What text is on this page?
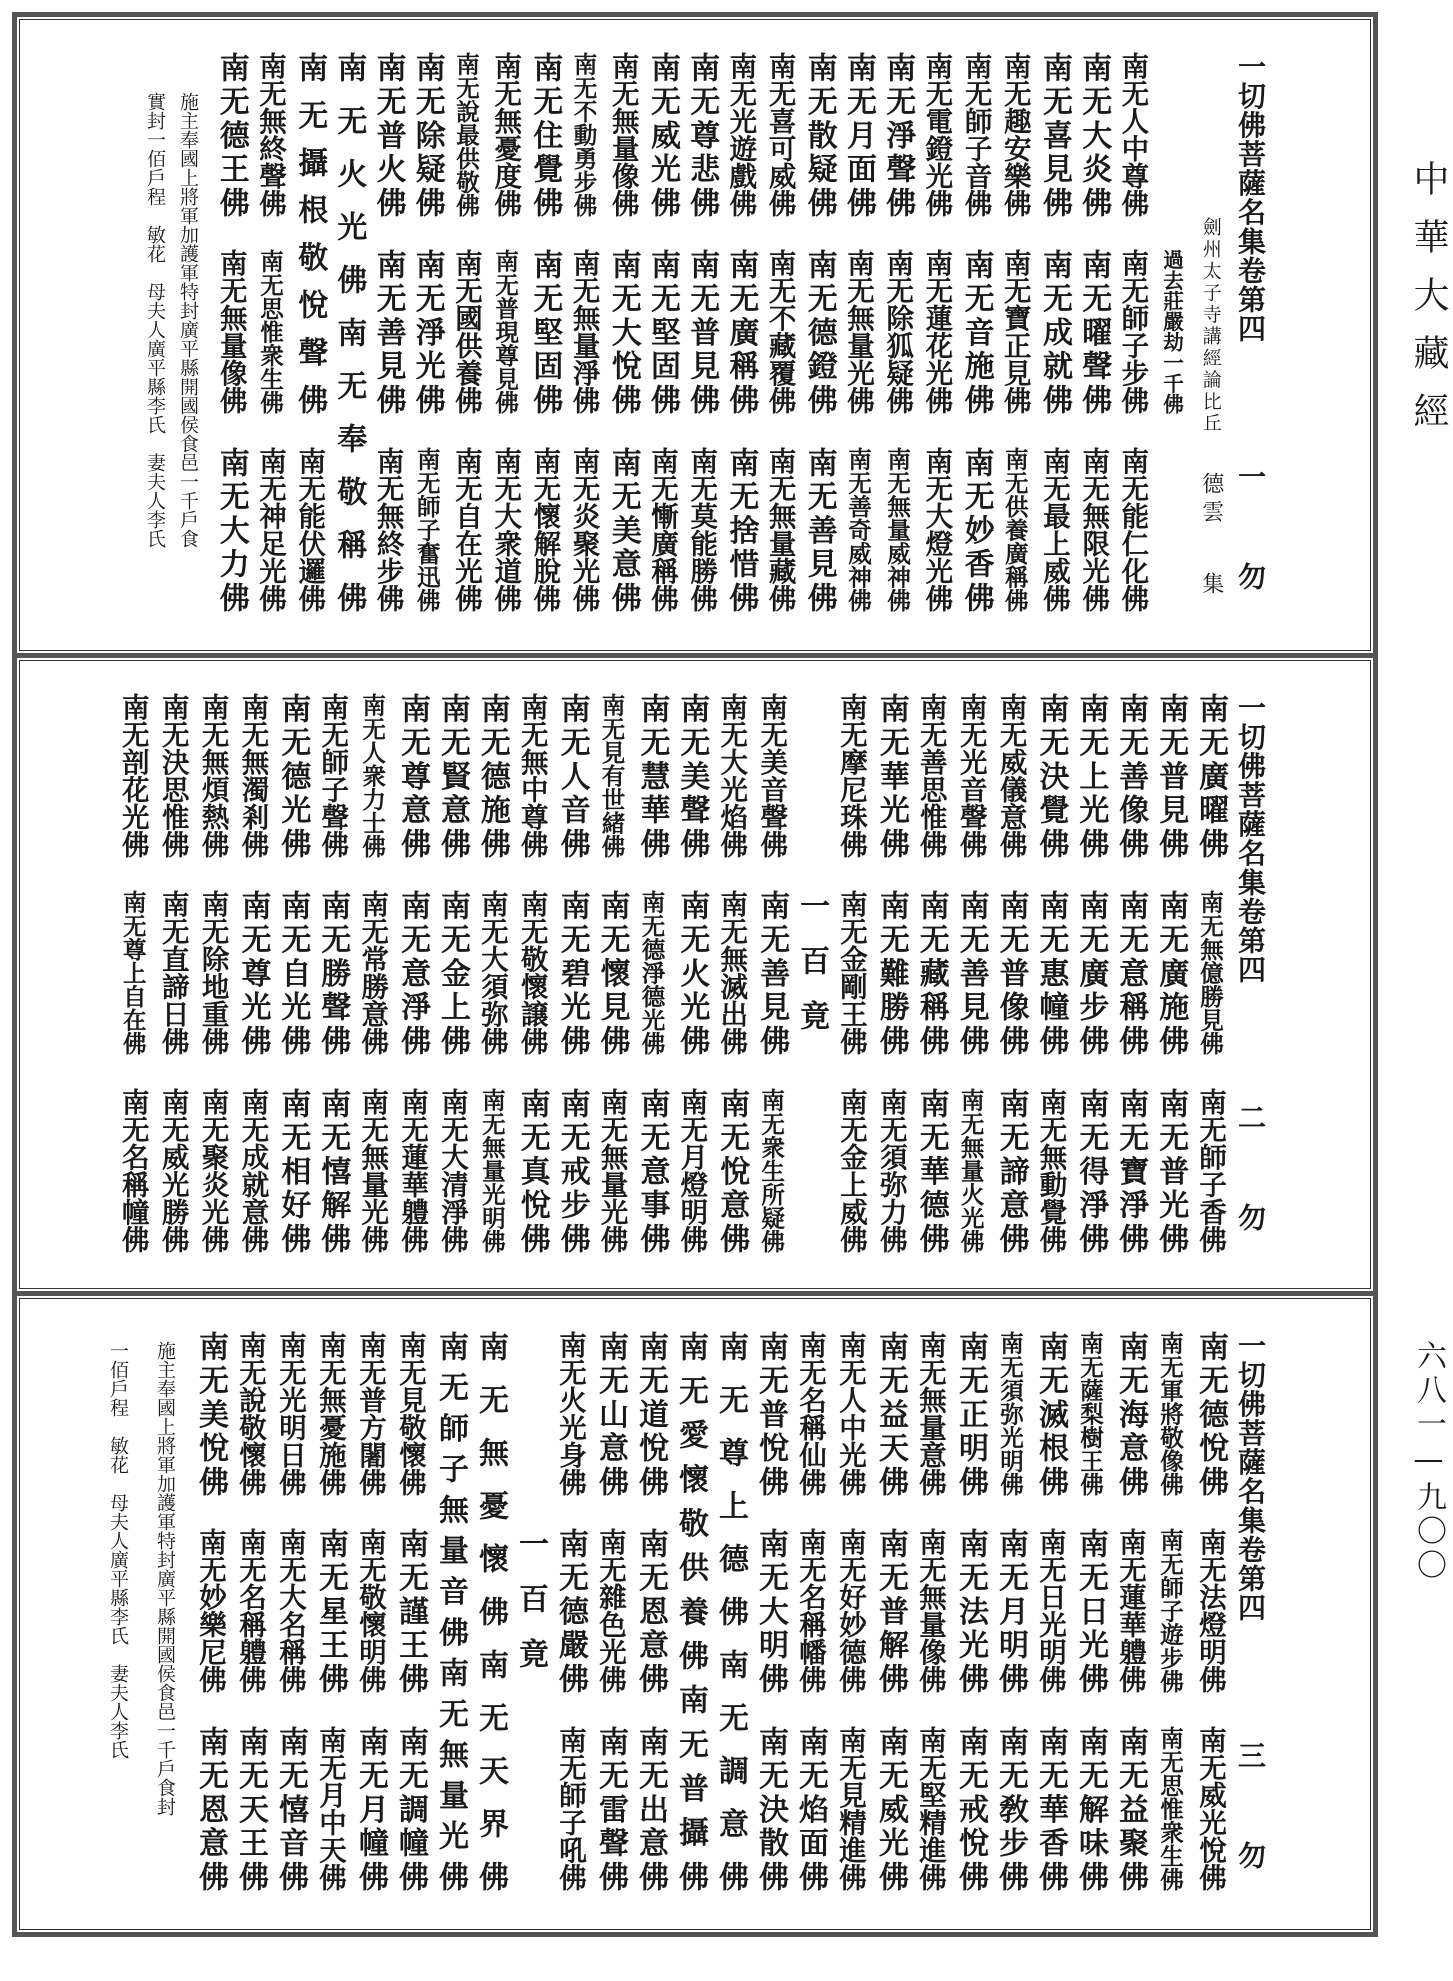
中華大藏經
六八一—九〇〇
一切佛菩薩名集卷第四
一
勿
劍州太子寺講經論比丘
德雲
集
過去莊嚴劫一千佛
南无人中尊佛
南无師子步佛
南无能仁化佛
南无大炎佛
南无曜聲佛
南无無限光佛
南无喜見佛
南无成就佛
南无最上威佛
南无趣安樂佛
南无寶正見佛
南无供養廣稱佛
南无師子音佛
南无音施佛
南无妙香佛
南无電鐙光佛
南无蓮花光佛
南无大燈光佛
南无淨聲佛
南无除狐疑佛
南无無量威神佛
南无月面佛
南无無量光佛
南无善奇威神佛
南无散疑佛
南无德鐙佛
南无善見佛
南无喜可威佛
南无不藏覆佛
南无無量藏佛
南无光遊戲佛
南无廣稱佛
南无捨惜佛
南无尊悲佛
南无普見佛
南无莫能勝佛
南无威光佛
南无堅固佛
南无慚廣稱佛
南无無量像佛
南无大悅佛
南无美意佛
南无不動勇步佛
南无無量淨佛
南无炎聚光佛
南无住覺佛
南无堅固佛
南无懷解脫佛
南无無憂度佛
南无普現尊見佛
南无大衆道佛
南无說最供敬佛
南无國供養佛
南无自在光佛
南无除疑佛
南无淨光佛
南无師子奮迅佛
南无普火佛
南无善見佛
南无無終步佛
南无火光佛南无奉敬稱佛
南无能伏邏佛
南无攝根敬悅聲佛
南无無終聲佛
南无思惟衆生佛
南无神足光佛
南无德王佛
南无無量像佛
南无大力佛
施主奉國上將軍加護軍特封廣平縣開國侯食邑一千戶食
實封一佰戶程　敏花　母夫人廣平縣李氏　妻夫人李氏
一切佛菩薩名集卷第四
二
勿
南无廣曜佛
南无無億勝見佛
南无師子香佛
南无普見佛
南无廣施佛
南无普光佛
南无善像佛
南无意稱佛
南无寶淨佛
南无上光佛
南无廣步佛
南无得淨佛
南无決覺佛
南无惠幢佛
南无無動覺佛
南无威儀意佛
南无普像佛
南无諦意佛
南无光音聲佛
南无善見佛
南无無量火光佛
南无善思惟佛
南无藏稱佛
南无華德佛
南无華光佛
南无難勝佛
南无須弥力佛
南无摩尼珠佛
南无金剛王佛
南无金上威佛
一百竟
南无美音聲佛
南无善見佛
南无衆生所疑佛
南无大光焰佛
南无無滅出佛
南无悅意佛
南无美聲佛
南无火光佛
南无月燈明佛
南无慧華佛
南无德淨德光佛
南无意事佛
南无見有世緒佛
南无懷見佛
南无無量光佛
南无人音佛
南无碧光佛
南无戒步佛
南无無中尊佛
南无敬懷譲佛
南无真悅佛
南无德施佛
南无大須弥佛
南无無量光明佛
南无賢意佛
南无金上佛
南无大清淨佛
南无尊意佛
南无意淨佛
南无蓮華軆佛
南无人衆力士佛
南无常勝意佛
南无無量光佛
南无師子聲佛
南无勝聲佛
南无憘解佛
南无德光佛
南无自光佛
南无相好佛
南无無濁剎佛
南无尊光佛
南无成就意佛
南无無煩熱佛
南无除地重佛
南无聚炎光佛
南无決思惟佛
南无直諦日佛
南无威光勝佛
南无剖花光佛
南无尊上自在佛
南无名稱幢佛
一切佛菩薩名集卷第四
三
勿
南无德悅佛
南无法燈明佛
南无威光悅佛
南无軍將敬像佛
南无師子遊步佛
南无思惟衆生佛
南无海意佛
南无蓮華軆佛
南无益聚佛
南无薩梨樹王佛
南无日光佛
南无解味佛
南无滅根佛
南无日光明佛
南无華香佛
南无須弥光明佛
南无月明佛
南无敎步佛
南无正明佛
南无法光佛
南无戒悅佛
南无無量意佛
南无無量像佛
南无堅精進佛
南无益天佛
南无普解佛
南无威光佛
南无人中光佛
南无好妙德佛
南无見精進佛
南无名稱仙佛
南无名稱幡佛
南无焰面佛
南无普悅佛
南无大明佛
南无決散佛
南无尊上德佛南无調意佛
南无愛懷敬供養佛南无普攝佛
南无道悅佛
南无恩意佛
南无出意佛
南无山意佛
南无雜色光佛
南无雷聲佛
南无火光身佛
南无德嚴佛
南无師子吼佛
一百竟
南无無憂懷佛南无天界佛
南无師子無量音佛南无無量光佛
南无見敬懷佛
南无謹王佛
南无調幢佛
南无普方闍佛
南无敬懷明佛
南无月幢佛
南无無憂施佛
南无星王佛
南无月中天佛
南无光明日佛
南无大名稱佛
南无憘音佛
南无說敬懷佛
南无名稱軆佛
南无天王佛
南无美悅佛
南无妙樂尼佛
南无恩意佛
施主奉國上將軍加護軍特封廣平縣開國侯食邑一千戶食封
一佰戶程　敏花　母夫人廣平縣李氏　妻夫人李氏
